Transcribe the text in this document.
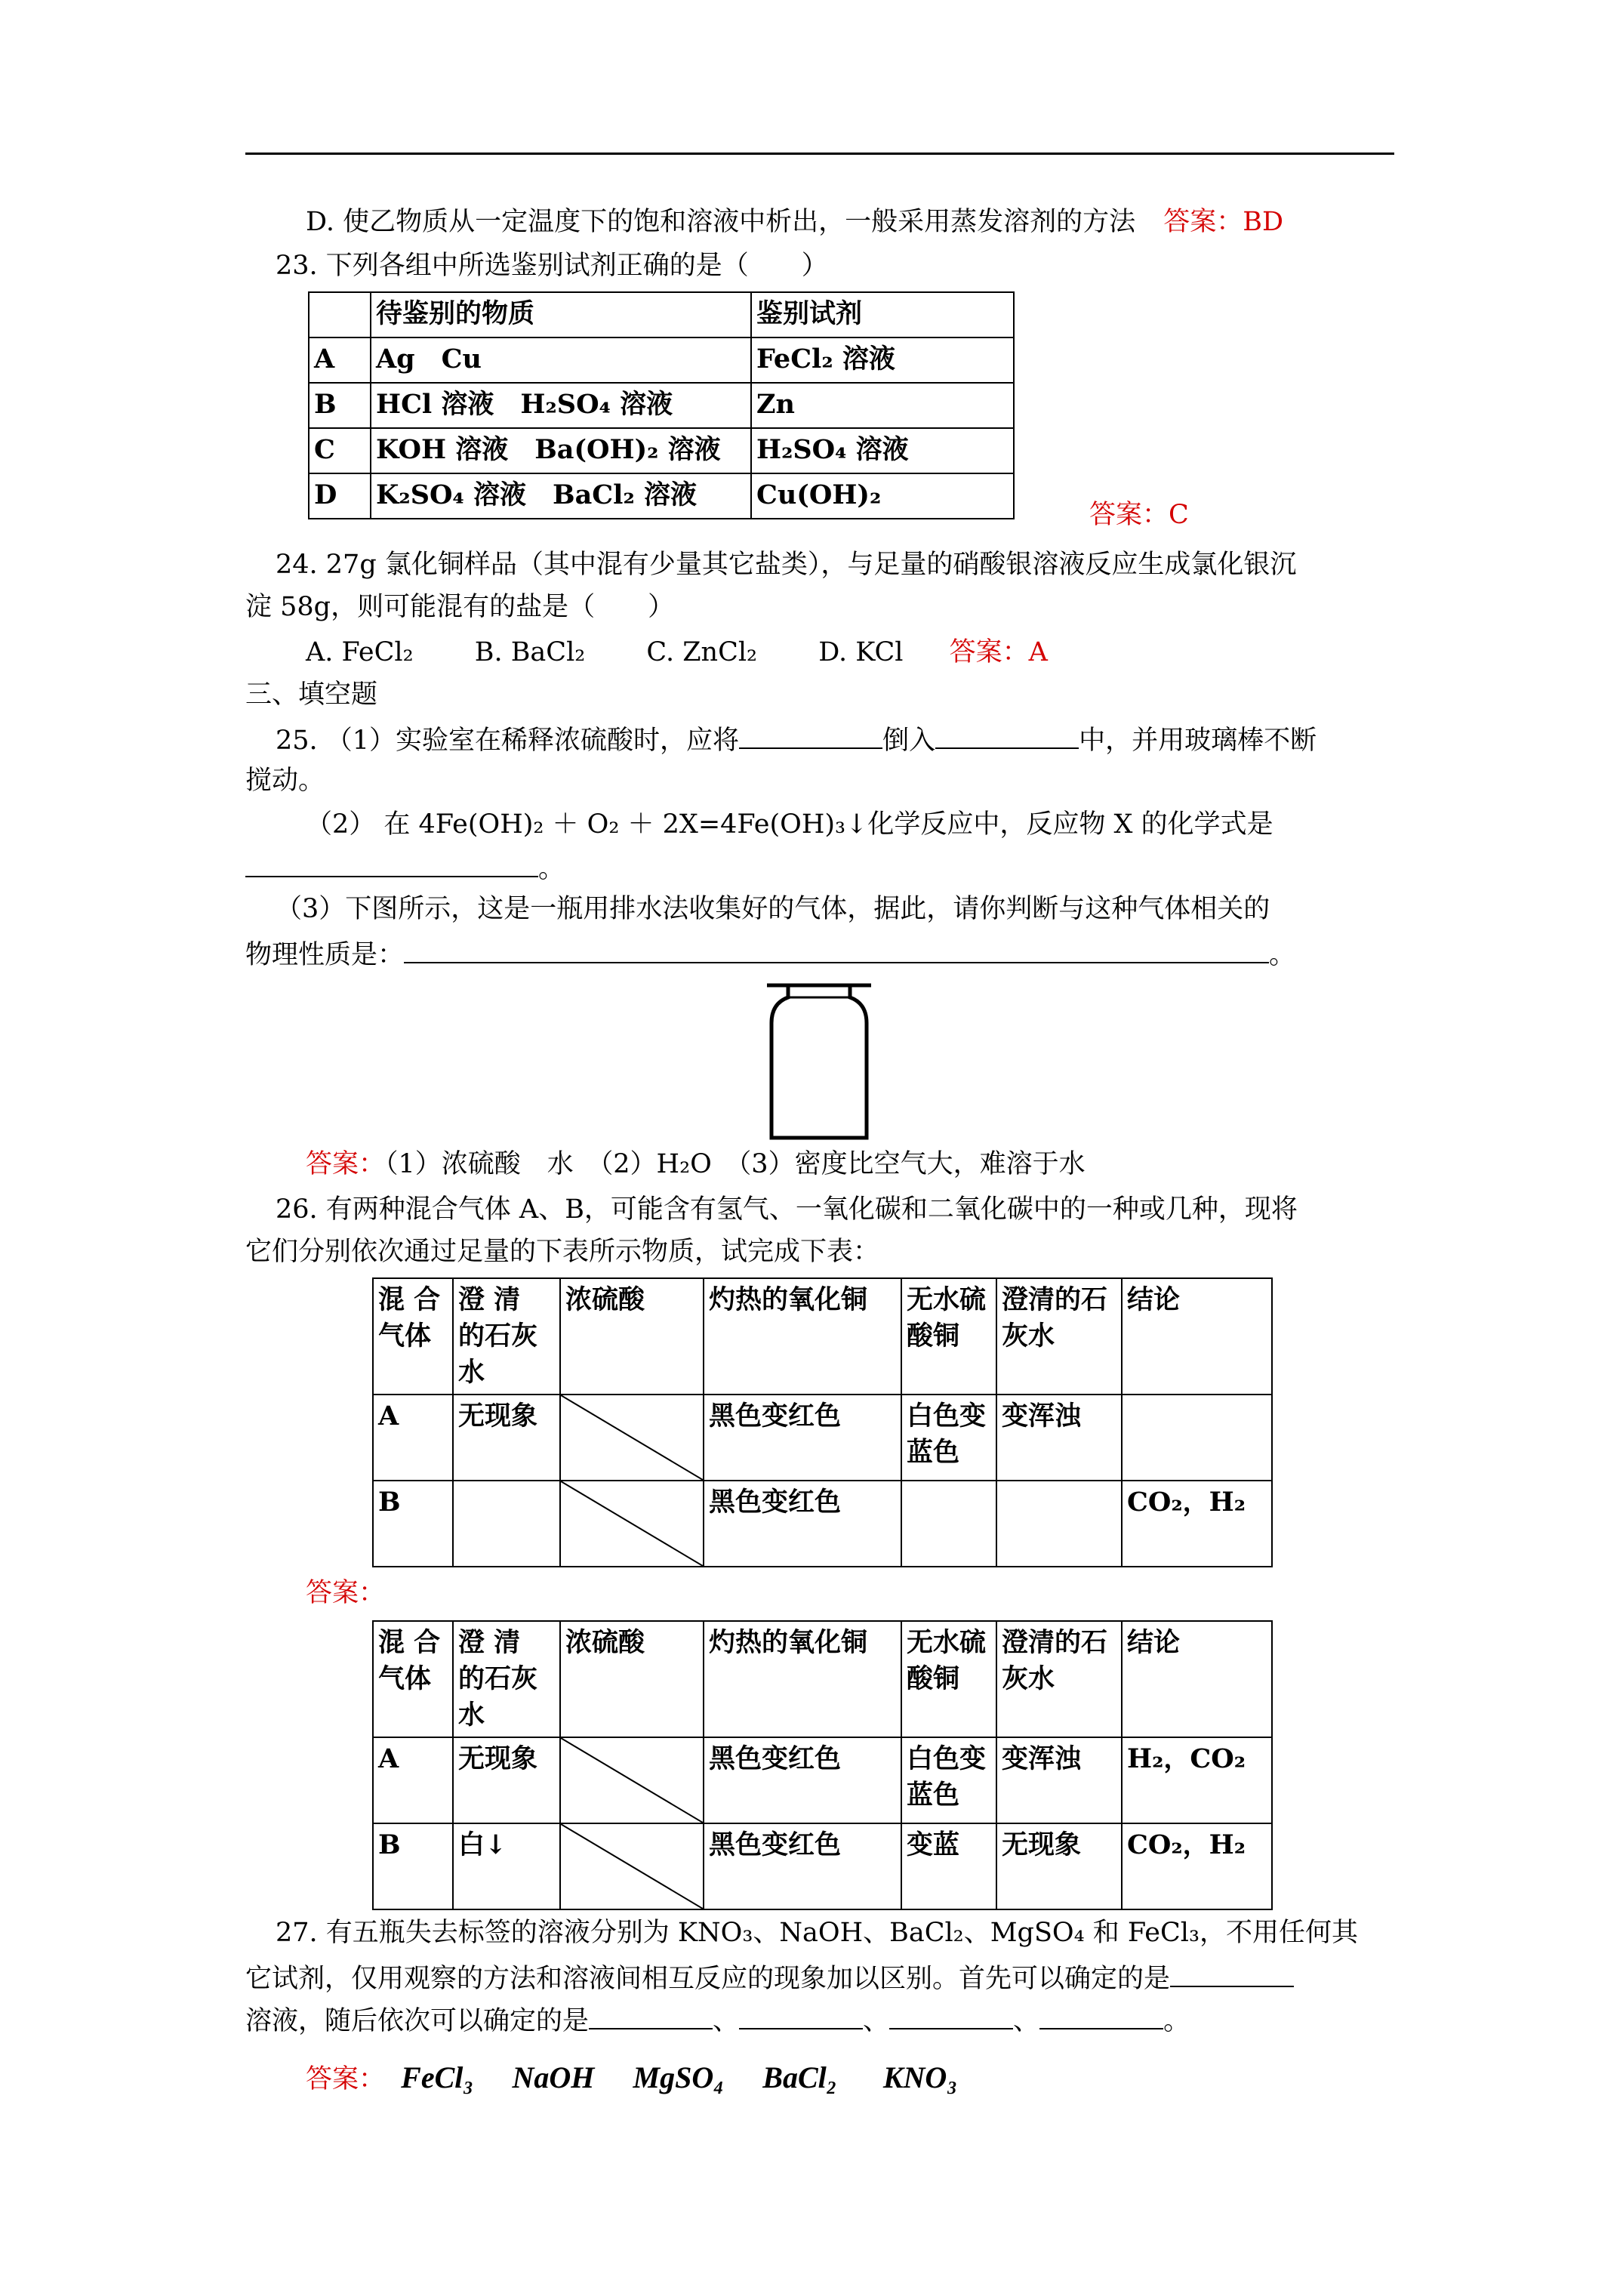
D. 使乙物质从一定温度下的饱和溶液中析出，一般采用蒸发溶剂的方法 答案：BD
23. 下列各组中所选鉴别试剂正确的是（　　）
	待鉴别的物质	鉴别试剂
A	Ag　Cu	FeCl₂ 溶液
B	HCl 溶液　H₂SO₄ 溶液	Zn
C	KOH 溶液　Ba(OH)₂ 溶液	H₂SO₄ 溶液
D	K₂SO₄ 溶液　BaCl₂ 溶液	Cu(OH)₂
答案：C
24. 27g 氯化铜样品（其中混有少量其它盐类），与足量的硝酸银溶液反应生成氯化银沉
淀 58g，则可能混有的盐是（　　）
A. FeCl₂　　 B. BaCl₂　　 C. ZnCl₂　　 D. KCl 答案：A
三、填空题
25. （1）实验室在稀释浓硫酸时，应将	倒入	中，并用玻璃棒不断
搅动。
（2） 在 4Fe(OH)₂ ＋ O₂ ＋ 2X=4Fe(OH)₃↓化学反应中，反应物 X 的化学式是
。
（3）下图所示，这是一瓶用排水法收集好的气体，据此，请你判断与这种气体相关的
物理性质是：	。
答案：（1）浓硫酸　水　（2）H₂O　（3）密度比空气大，难溶于水
26. 有两种混合气体 A、B，可能含有氢气、一氧化碳和二氧化碳中的一种或几种，现将
它们分别依次通过足量的下表所示物质，试完成下表：
混 合气体	澄 清 的石灰水	浓硫酸	灼热的氧化铜	无水硫酸铜	澄清的石灰水	结论
A	无现象		黑色变红色	白色变蓝色	变浑浊	
B			黑色变红色			CO₂，H₂
答案：
混 合气体	澄 清 的石灰水	浓硫酸	灼热的氧化铜	无水硫酸铜	澄清的石灰水	结论
A	无现象		黑色变红色	白色变蓝色	变浑浊	H₂，CO₂
B	白↓		黑色变红色	变蓝	无现象	CO₂，H₂
27. 有五瓶失去标签的溶液分别为 KNO₃、NaOH、BaCl₂、MgSO₄ 和 FeCl₃，不用任何其
它试剂，仅用观察的方法和溶液间相互反应的现象加以区别。首先可以确定的是
溶液，随后依次可以确定的是	、	、	、	。
答案： FeCl₃ NaOH MgSO₄ BaCl₂ KNO₃
